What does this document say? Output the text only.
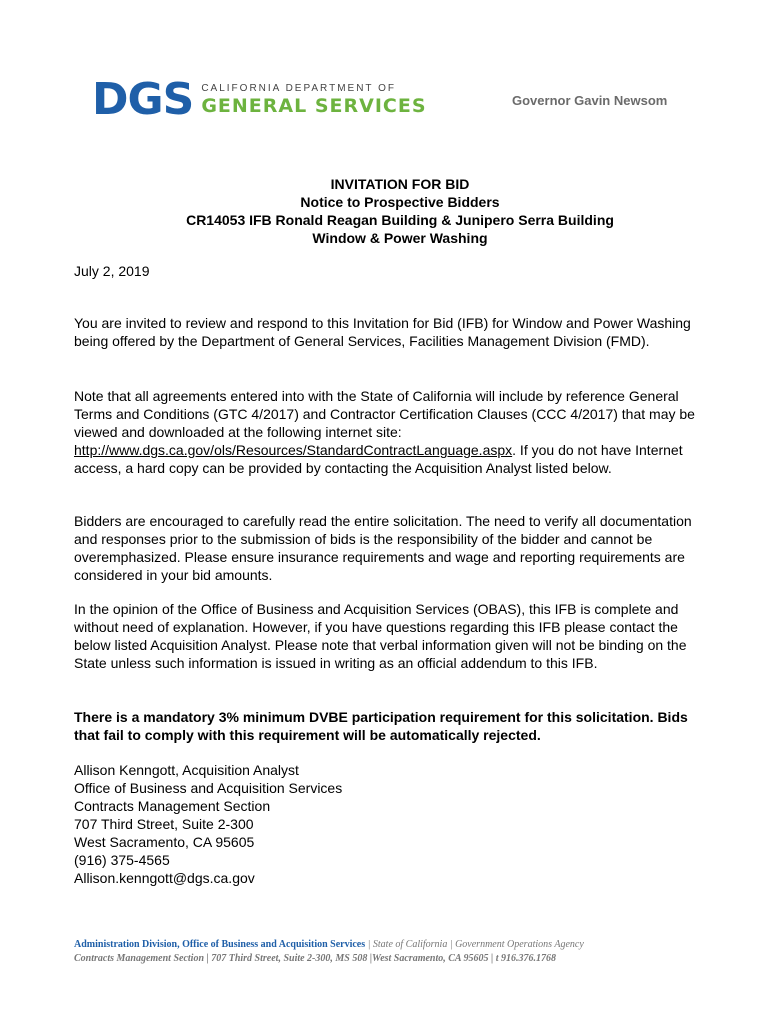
DGS CALIFORNIA DEPARTMENT OF
GENERAL SERVICES	Governor Gavin Newsom
INVITATION FOR BID
Notice to Prospective Bidders
CR14053 IFB Ronald Reagan Building & Junipero Serra Building
Window & Power Washing
July 2, 2019
You are invited to review and respond to this Invitation for Bid (IFB) for Window and Power Washing being offered by the Department of General Services, Facilities Management Division (FMD).
Note that all agreements entered into with the State of California will include by reference General Terms and Conditions (GTC 4/2017) and Contractor Certification Clauses (CCC 4/2017) that may be viewed and downloaded at the following internet site: http://www.dgs.ca.gov/ols/Resources/StandardContractLanguage.aspx. If you do not have Internet access, a hard copy can be provided by contacting the Acquisition Analyst listed below.
Bidders are encouraged to carefully read the entire solicitation. The need to verify all documentation and responses prior to the submission of bids is the responsibility of the bidder and cannot be overemphasized. Please ensure insurance requirements and wage and reporting requirements are considered in your bid amounts.
In the opinion of the Office of Business and Acquisition Services (OBAS), this IFB is complete and without need of explanation. However, if you have questions regarding this IFB please contact the below listed Acquisition Analyst. Please note that verbal information given will not be binding on the State unless such information is issued in writing as an official addendum to this IFB.
There is a mandatory 3% minimum DVBE participation requirement for this solicitation. Bids that fail to comply with this requirement will be automatically rejected.
Allison Kenngott, Acquisition Analyst
Office of Business and Acquisition Services
Contracts Management Section
707 Third Street, Suite 2-300
West Sacramento, CA 95605
(916) 375-4565
Allison.kenngott@dgs.ca.gov
Administration Division, Office of Business and Acquisition Services | State of California | Government Operations Agency
Contracts Management Section | 707 Third Street, Suite 2-300, MS 508 |West Sacramento, CA 95605 | t 916.376.1768
